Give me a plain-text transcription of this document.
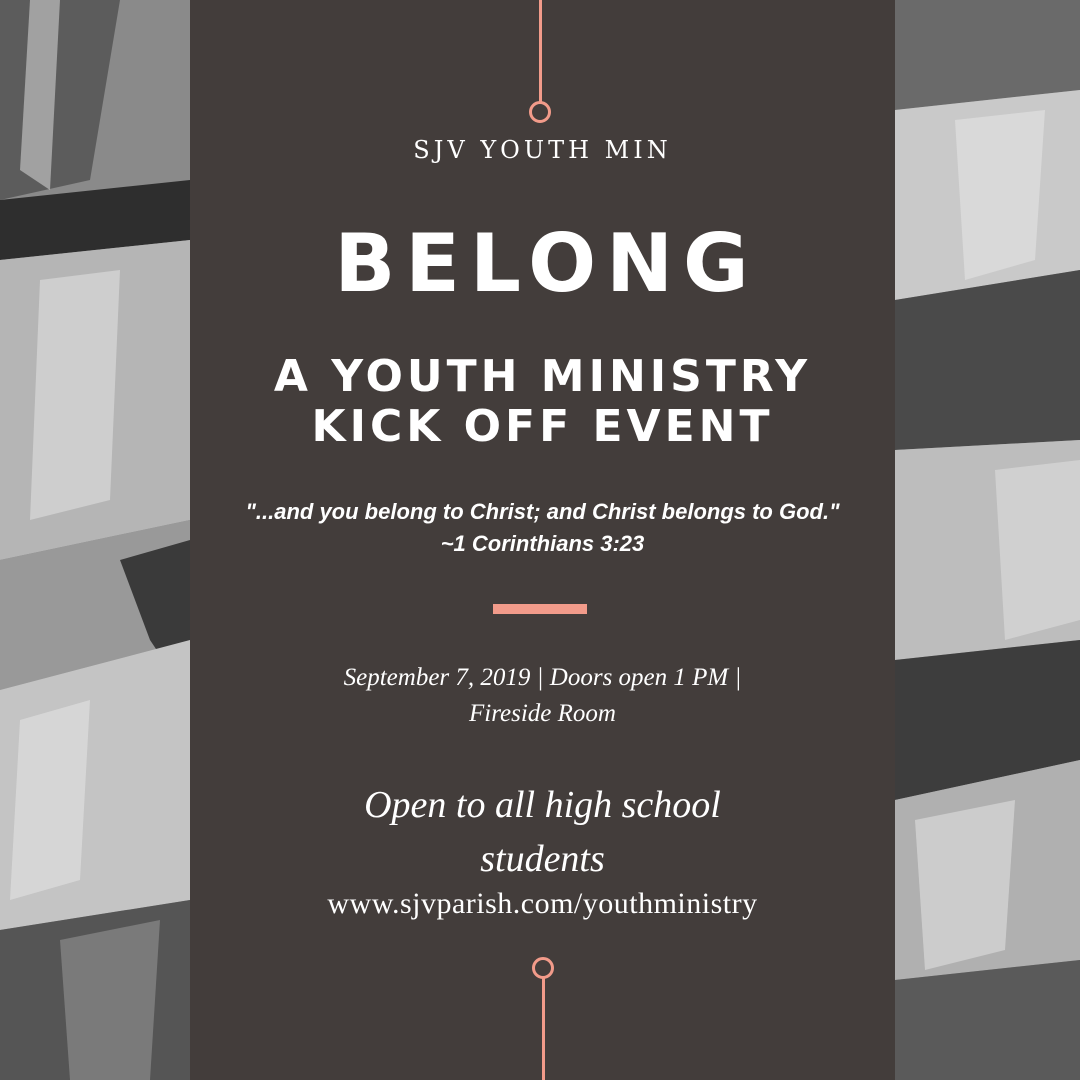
SJV YOUTH MIN
BELONG
A YOUTH MINISTRY
KICK OFF EVENT
"...and you belong to Christ; and Christ belongs to God."
~1 Corinthians 3:23
September 7, 2019 | Doors open 1 PM | Fireside Room
Open to all high school students
www.sjvparish.com/youthministry
